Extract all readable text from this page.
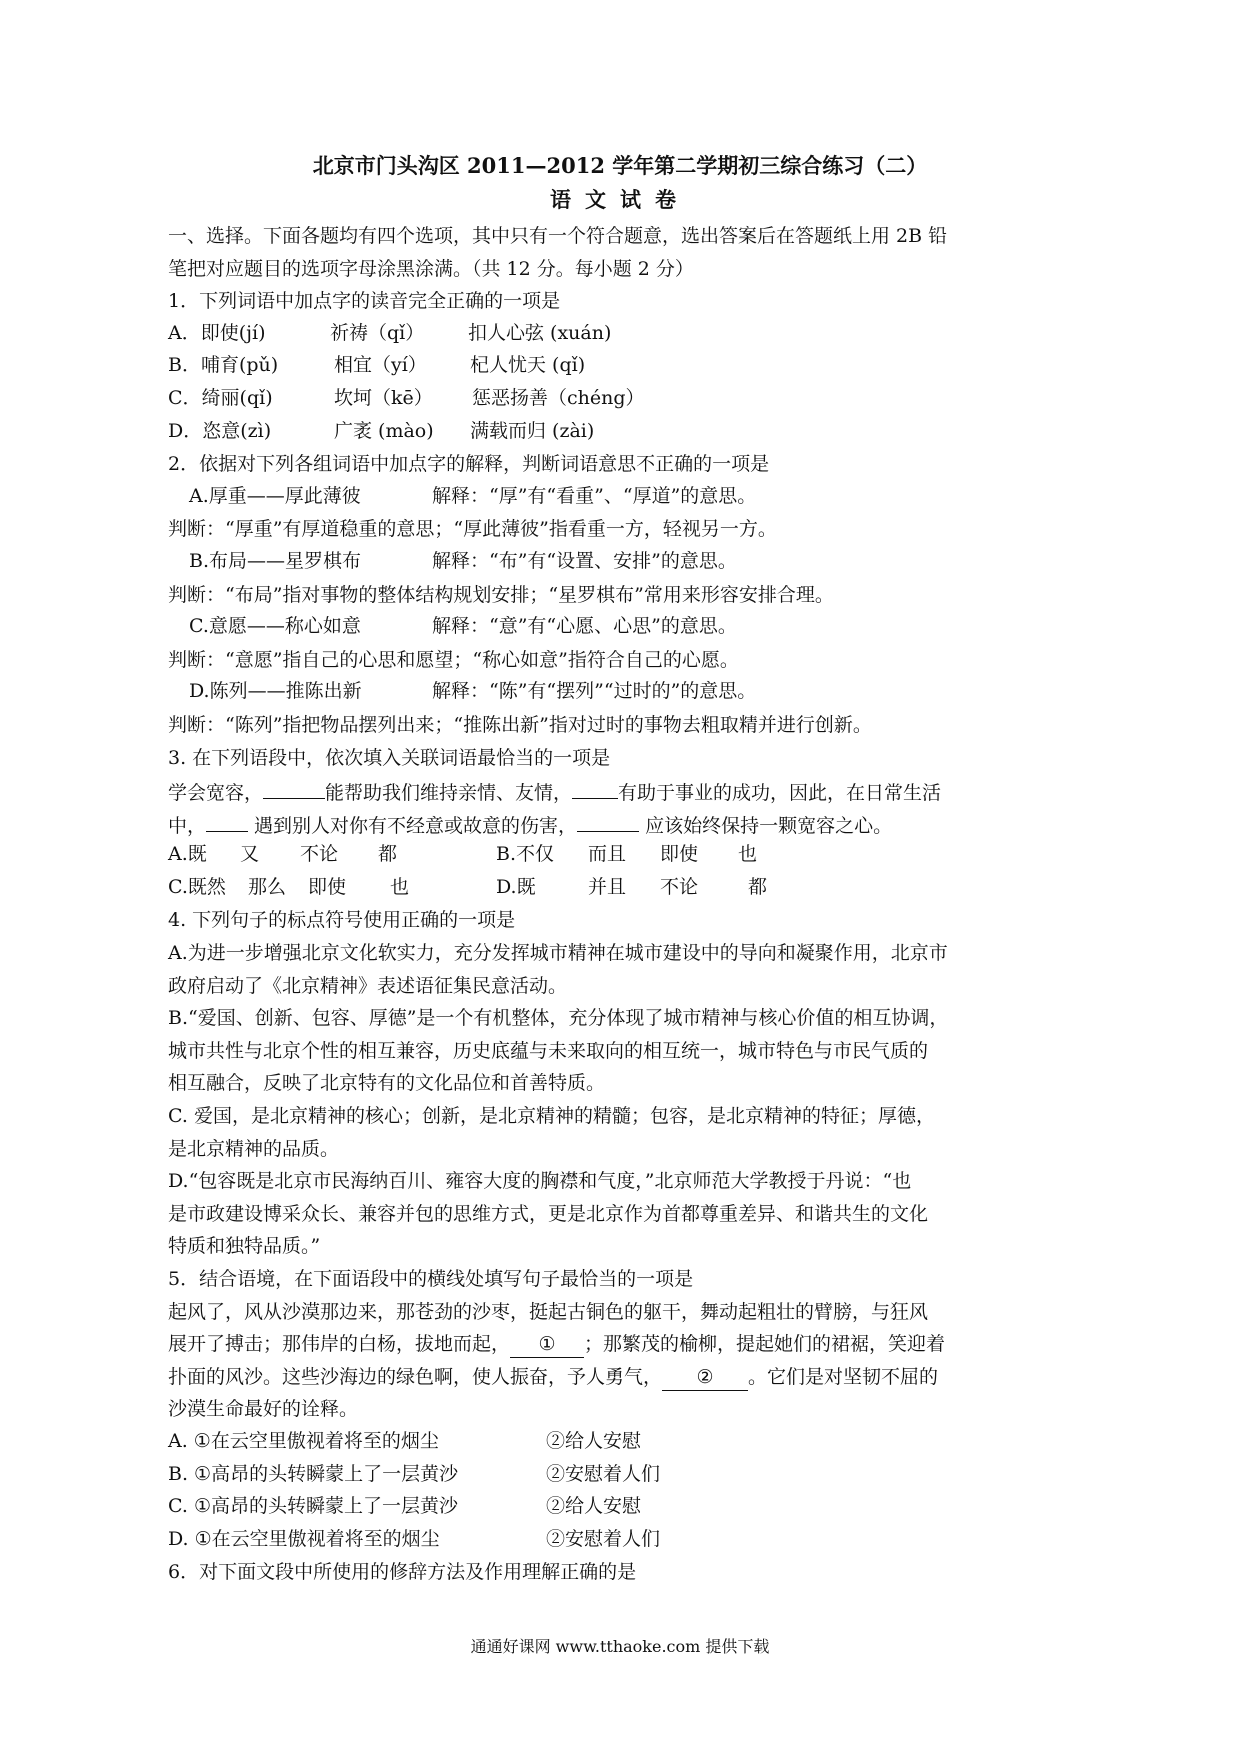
北京市门头沟区 2011—2012 学年第二学期初三综合练习（二）
语文试卷
一、选择。下面各题均有四个选项，其中只有一个符合题意，选出答案后在答题纸上用 2B 铅
笔把对应题目的选项字母涂黑涂满。（共 12 分。每小题 2 分）
1．下列词语中加点字的读音完全正确的一项是
A．即使(jí)	祈祷（qǐ） 扣人心弦 (xuán)
B．哺育(pǔ)	相宜（yí） 杞人忧天 (qǐ)
C．绮丽(qǐ)	坎坷（kē） 惩恶扬善（chéng）
D．恣意(zì)	广袤 (mào) 满载而归 (zài)
2．依据对下列各组词语中加点字的解释，判断词语意思不正确的一项是
A.厚重——厚此薄彼	解释：“厚”有“看重”、“厚道”的意思。
判断：“厚重”有厚道稳重的意思；“厚此薄彼”指看重一方，轻视另一方。
B.布局——星罗棋布	解释：“布”有“设置、安排”的意思。
判断：“布局”指对事物的整体结构规划安排；“星罗棋布”常用来形容安排合理。
C.意愿——称心如意	解释：“意”有“心愿、心思”的意思。
判断：“意愿”指自己的心思和愿望；“称心如意”指符合自己的心愿。
D.陈列——推陈出新	解释：“陈”有“摆列”“过时的”的意思。
判断：“陈列”指把物品摆列出来；“推陈出新”指对过时的事物去粗取精并进行创新。
3. 在下列语段中，依次填入关联词语最恰当的一项是
学会宽容，	能帮助我们维持亲情、友情， 有助于事业的成功，因此，在日常生活
中， 遇到别人对你有不经意或故意的伤害，	应该始终保持一颗宽容之心。
A.既 又 不论 都	B.不仅 而且 即使 也
C.既然 那么 即使 也	D.既	并且 不论	都
4. 下列句子的标点符号使用正确的一项是
A.为进一步增强北京文化软实力，充分发挥城市精神在城市建设中的导向和凝聚作用，北京市
政府启动了《北京精神》表述语征集民意活动。
B.“爱国、创新、包容、厚德”是一个有机整体，充分体现了城市精神与核心价值的相互协调，
城市共性与北京个性的相互兼容，历史底蕴与未来取向的相互统一，城市特色与市民气质的
相互融合，反映了北京特有的文化品位和首善特质。
C. 爱国，是北京精神的核心；创新，是北京精神的精髓；包容，是北京精神的特征；厚德，
是北京精神的品质。
D.“包容既是北京市民海纳百川、雍容大度的胸襟和气度，”北京师范大学教授于丹说：“也
是市政建设博采众长、兼容并包的思维方式，更是北京作为首都尊重差异、和谐共生的文化
特质和独特品质。”
5．结合语境，在下面语段中的横线处填写句子最恰当的一项是
起风了，风从沙漠那边来，那苍劲的沙枣，挺起古铜色的躯干，舞动起粗壮的臂膀，与狂风
展开了搏击；那伟岸的白杨，拔地而起， ① ；那繁茂的榆柳，提起她们的裙裾，笑迎着
扑面的风沙。这些沙海边的绿色啊，使人振奋，予人勇气， ② 。它们是对坚韧不屈的
沙漠生命最好的诠释。
A. ①在云空里傲视着将至的烟尘	②给人安慰
B. ①高昂的头转瞬蒙上了一层黄沙	②安慰着人们
C. ①高昂的头转瞬蒙上了一层黄沙	②给人安慰
D. ①在云空里傲视着将至的烟尘	②安慰着人们
6．对下面文段中所使用的修辞方法及作用理解正确的是
通通好课网 www.tthaoke.com 提供下载
